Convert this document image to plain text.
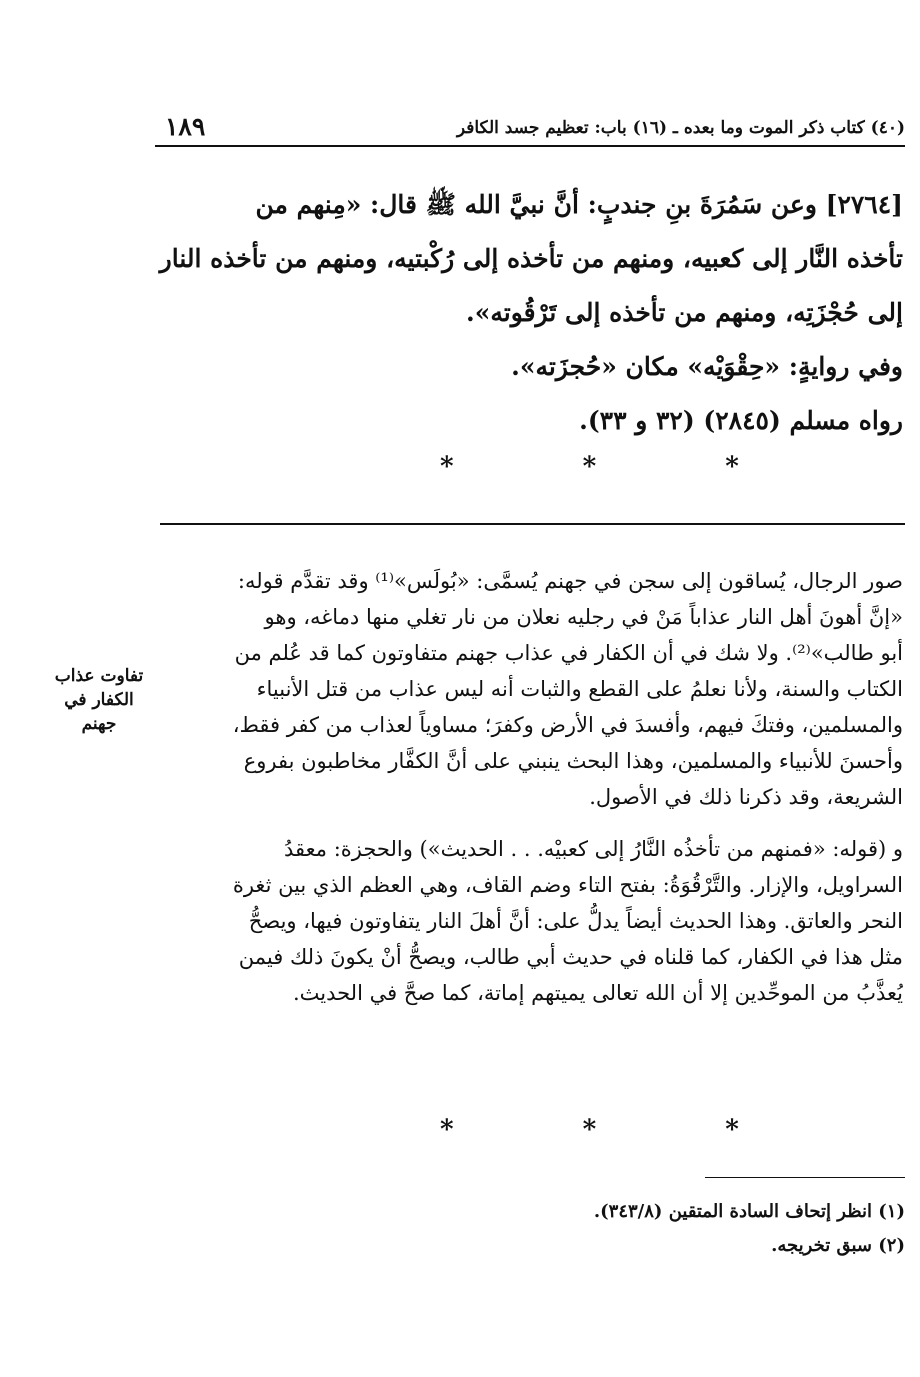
(٤٠) كتاب ذكر الموت وما بعده ـ (١٦) باب: تعظيم جسد الكافر
١٨٩
[٢٧٦٤] وعن سَمُرَةَ بنِ جندبٍ: أنَّ نبيَّ الله ﷺ قال: «مِنهم من
تأخذه النَّار إلى كعبيه، ومنهم من تأخذه إلى رُكْبتيه، ومنهم من تأخذه النار
إلى حُجْزَتِه، ومنهم من تأخذه إلى تَرْقُوته».
وفي روايةٍ: «حِقْوَيْه» مكان «حُجزَته».
رواه مسلم (٢٨٤٥) (٣٢ و ٣٣).
* * *

صور الرجال، يُساقون إلى سجن في جهنم يُسمَّى: «بُولَس»⁽¹⁾ وقد تقدَّم قوله:
«إنَّ أهونَ أهل النار عذاباً مَنْ في رجليه نعلان من نار تغلي منها دماغه، وهو
أبو طالب»⁽²⁾. ولا شك في أن الكفار في عذاب جهنم متفاوتون كما قد عُلم من
الكتاب والسنة، ولأنا نعلمُ على القطع والثبات أنه ليس عذاب من قتل الأنبياء
والمسلمين، وفتكَ فيهم، وأفسدَ في الأرض وكفرَ؛ مساوياً لعذاب من كفر فقط،
وأحسنَ للأنبياء والمسلمين، وهذا البحث ينبني على أنَّ الكفَّار مخاطبون بفروع
الشريعة، وقد ذكرنا ذلك في الأصول.

و (قوله: «فمنهم من تأخذُه النَّارُ إلى كعبيْه. . . الحديث») والحجزة: معقدُ
السراويل، والإزار. والتَّرْقُوَةُ: بفتح التاء وضم القاف، وهي العظم الذي بين ثغرة
النحر والعاتق. وهذا الحديث أيضاً يدلُّ على: أنَّ أهلَ النار يتفاوتون فيها، ويصحُّ
مثل هذا في الكفار، كما قلناه في حديث أبي طالب، ويصحُّ أنْ يكونَ ذلك فيمن
يُعذَّبُ من الموحِّدين إلا أن الله تعالى يميتهم إماتة، كما صحَّ في الحديث.

تفاوت عذاب
الكفار في
جهنم
* * *
(١) انظر إتحاف السادة المتقين (٣٤٣/٨).
(٢) سبق تخريجه.
